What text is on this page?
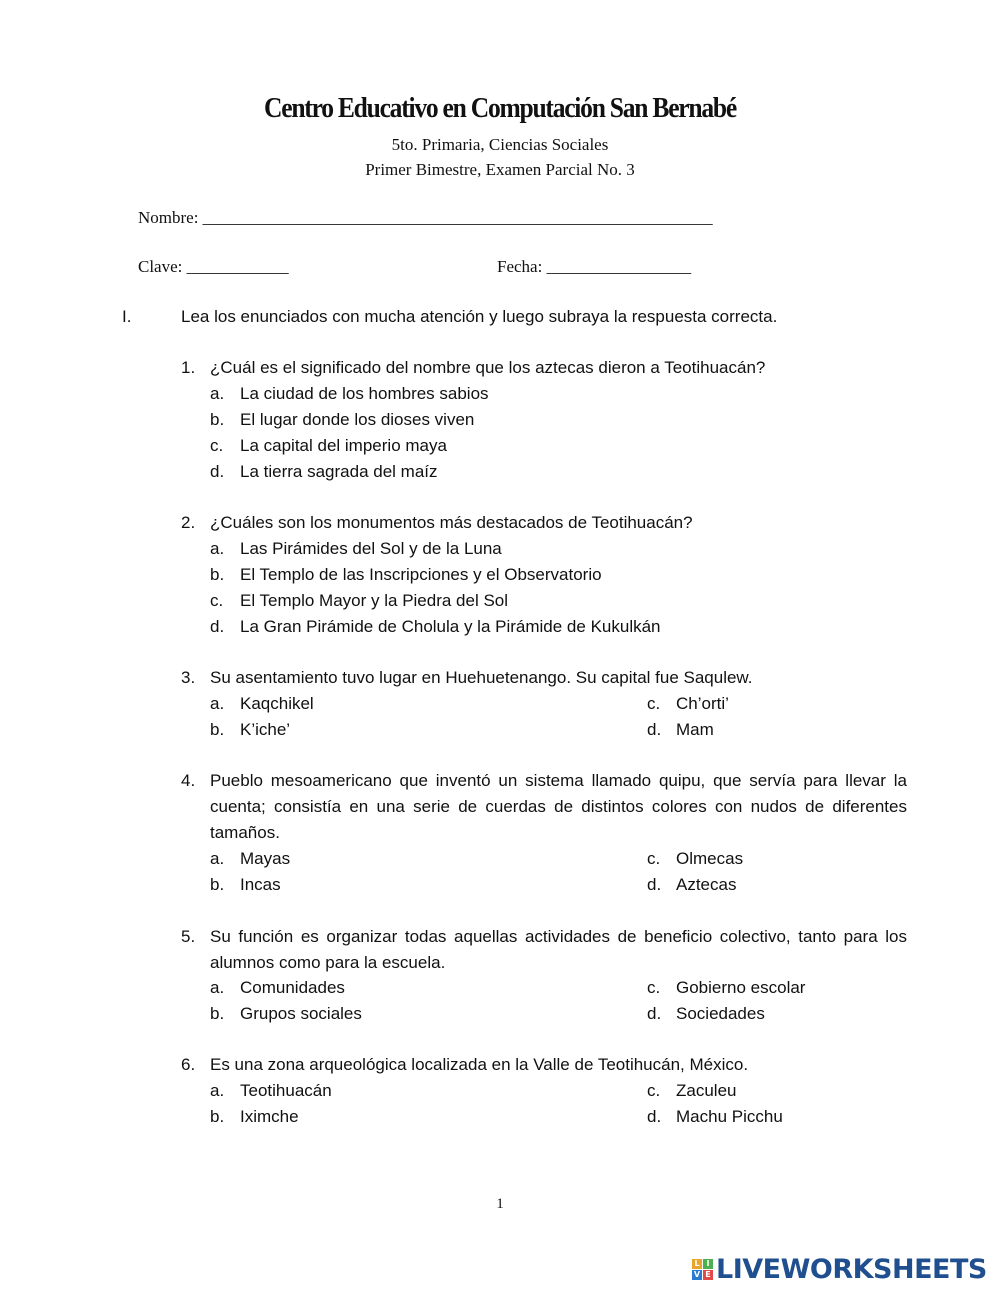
Centro Educativo en Computación San Bernabé
5to. Primaria, Ciencias Sociales
Primer Bimestre, Examen Parcial No. 3
Nombre: ____________________________________________________________
Clave: ____________	Fecha: _________________
I.	Lea los enunciados con mucha atención y luego subraya la respuesta correcta.
1. ¿Cuál es el significado del nombre que los aztecas dieron a Teotihuacán?
a. La ciudad de los hombres sabios
b. El lugar donde los dioses viven
c. La capital del imperio maya
d. La tierra sagrada del maíz
2. ¿Cuáles son los monumentos más destacados de Teotihuacán?
a. Las Pirámides del Sol y de la Luna
b. El Templo de las Inscripciones y el Observatorio
c. El Templo Mayor y la Piedra del Sol
d. La Gran Pirámide de Cholula y la Pirámide de Kukulkán
3. Su asentamiento tuvo lugar en Huehuetenango. Su capital fue Saqulew.
a. Kaqchikel
b. K’iche’
c. Ch’orti’
d. Mam
4. Pueblo mesoamericano que inventó un sistema llamado quipu, que servía para llevar la cuenta; consistía en una serie de cuerdas de distintos colores con nudos de diferentes tamaños.
a. Mayas
b. Incas
c. Olmecas
d. Aztecas
5. Su función es organizar todas aquellas actividades de beneficio colectivo, tanto para los alumnos como para la escuela.
a. Comunidades
b. Grupos sociales
c. Gobierno escolar
d. Sociedades
6. Es una zona arqueológica localizada en la Valle de Teotihucán, México.
a. Teotihuacán
b. Iximche
c. Zaculeu
d. Machu Picchu
1
L I
V E LIVEWORKSHEETS
